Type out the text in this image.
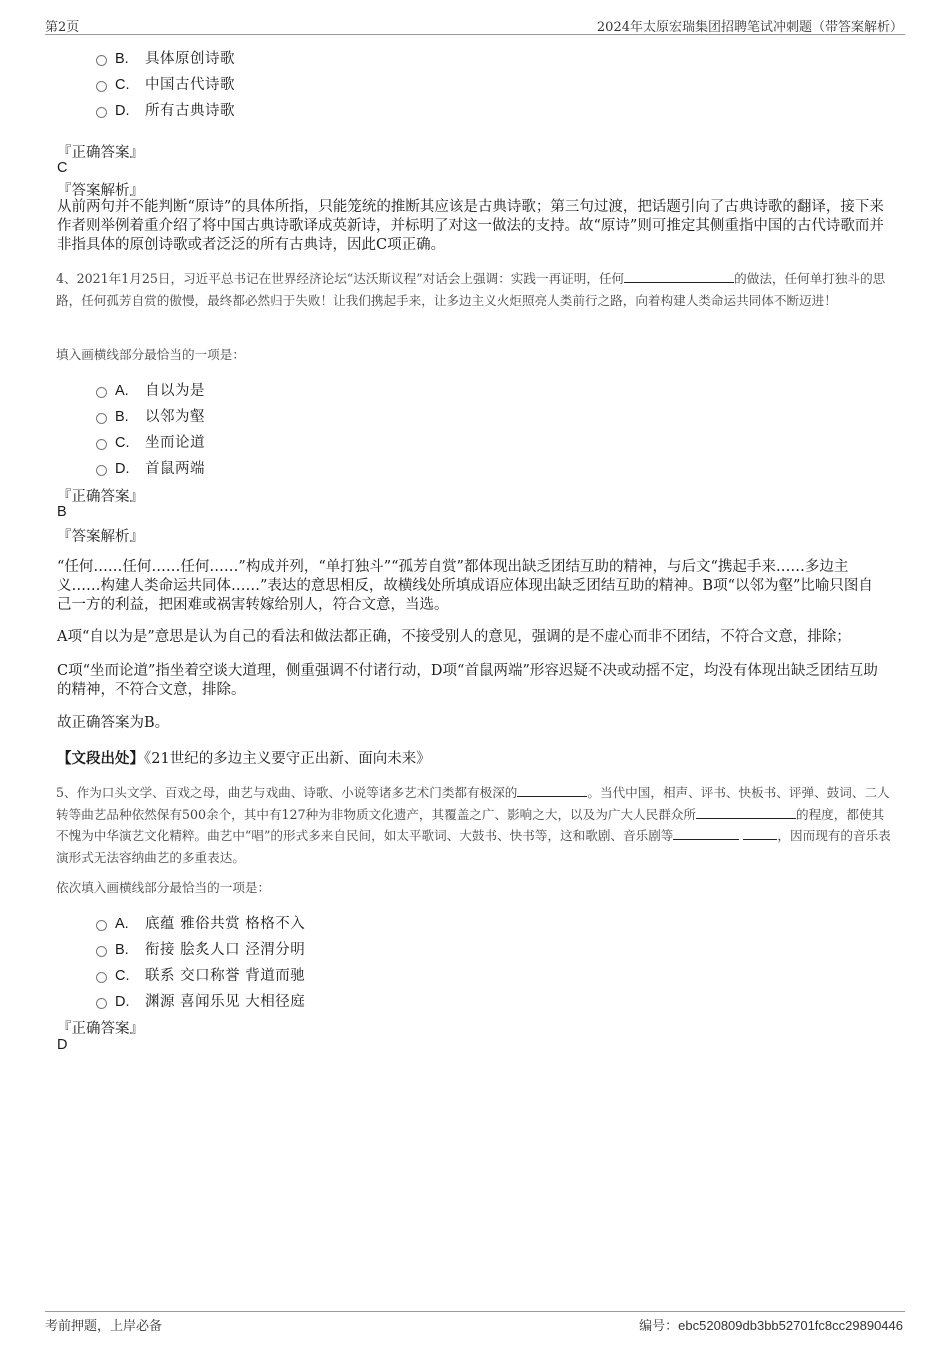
第2页	2024年太原宏瑞集团招聘笔试冲刺题（带答案解析）
B. 具体原创诗歌
C. 中国古代诗歌
D. 所有古典诗歌
『正确答案』
C
『答案解析』
从前两句并不能判断“原诗”的具体所指，只能笼统的推断其应该是古典诗歌；第三句过渡，把话题引向了古典诗歌的翻译，接下来作者则举例着重介绍了将中国古典诗歌译成英新诗，并标明了对这一做法的支持。故“原诗”则可推定其侧重指中国的古代诗歌而并非指具体的原创诗歌或者泛泛的所有古典诗，因此C项正确。
4、2021年1月25日，习近平总书记在世界经济论坛“达沃斯议程”对话会上强调：实践一再证明，任何	的做法，任何单打独斗的思路，任何孤芳自赏的傲慢，最终都必然归于失败！让我们携起手来，让多边主义火炬照亮人类前行之路，向着构建人类命运共同体不断迈进！
填入画横线部分最恰当的一项是：
A. 自以为是
B. 以邻为壑
C. 坐而论道
D. 首鼠两端
『正确答案』
B
『答案解析』
“任何……任何……任何……”构成并列，“单打独斗”“孤芳自赏”都体现出缺乏团结互助的精神，与后文“携起手来……多边主义……构建人类命运共同体……”表达的意思相反，故横线处所填成语应体现出缺乏团结互助的精神。B项“以邻为壑”比喻只图自己一方的利益，把困难或祸害转嫁给别人，符合文意，当选。
A项“自以为是”意思是认为自己的看法和做法都正确，不接受别人的意见，强调的是不虚心而非不团结，不符合文意，排除；
C项“坐而论道”指坐着空谈大道理，侧重强调不付诸行动，D项“首鼠两端”形容迟疑不决或动摇不定，均没有体现出缺乏团结互助的精神，不符合文意，排除。
故正确答案为B。
【文段出处】《21世纪的多边主义要守正出新、面向未来》
5、作为口头文学、百戏之母，曲艺与戏曲、诗歌、小说等诸多艺术门类都有极深的	。当代中国，相声、评书、快板书、评弹、鼓词、二人转等曲艺品种依然保有500余个，其中有127种为非物质文化遗产，其覆盖之广、影响之大，以及为广大人民群众所	的程度，都使其不愧为中华演艺文化精粹。曲艺中“唱”的形式多来自民间，如太平歌词、大鼓书、快书等，这和歌剧、音乐剧等	，因而现有的音乐表演形式无法容纳曲艺的多重表达。
依次填入画横线部分最恰当的一项是：
A. 底蕴 雅俗共赏 格格不入
B. 衔接 脍炙人口 泾渭分明
C. 联系 交口称誉 背道而驰
D. 渊源 喜闻乐见 大相径庭
『正确答案』
D
考前押题，上岸必备	编号：ebc520809db3bb52701fc8cc29890446
